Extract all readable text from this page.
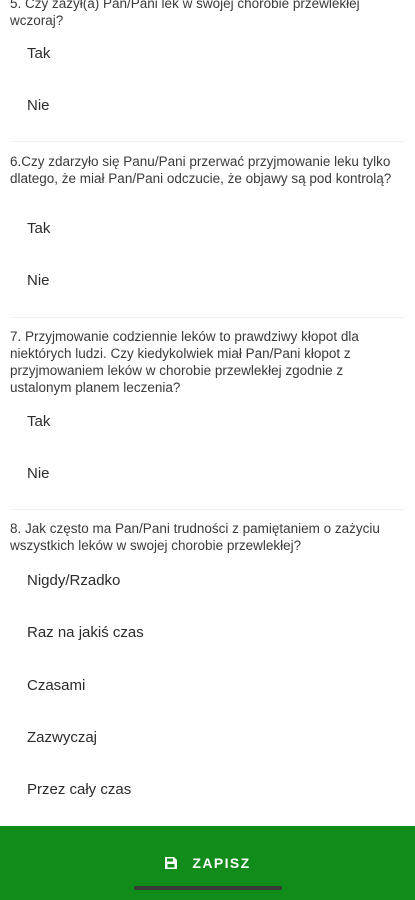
5. Czy zażył(a) Pan/Pani lek w swojej chorobie przewlekłej wczoraj?
Tak
Nie
6.Czy zdarzyło się Panu/Pani przerwać przyjmowanie leku tylko dlatego, że miał Pan/Pani odczucie, że objawy są pod kontrolą?
Tak
Nie
7. Przyjmowanie codziennie leków to prawdziwy kłopot dla niektórych ludzi. Czy kiedykolwiek miał Pan/Pani kłopot z przyjmowaniem leków w chorobie przewlekłej zgodnie z ustalonym planem leczenia?
Tak
Nie
8. Jak często ma Pan/Pani trudności z pamiętaniem o zażyciu wszystkich leków w swojej chorobie przewlekłej?
Nigdy/Rzadko
Raz na jakiś czas
Czasami
Zazwyczaj
Przez cały czas
ZAPISZ
